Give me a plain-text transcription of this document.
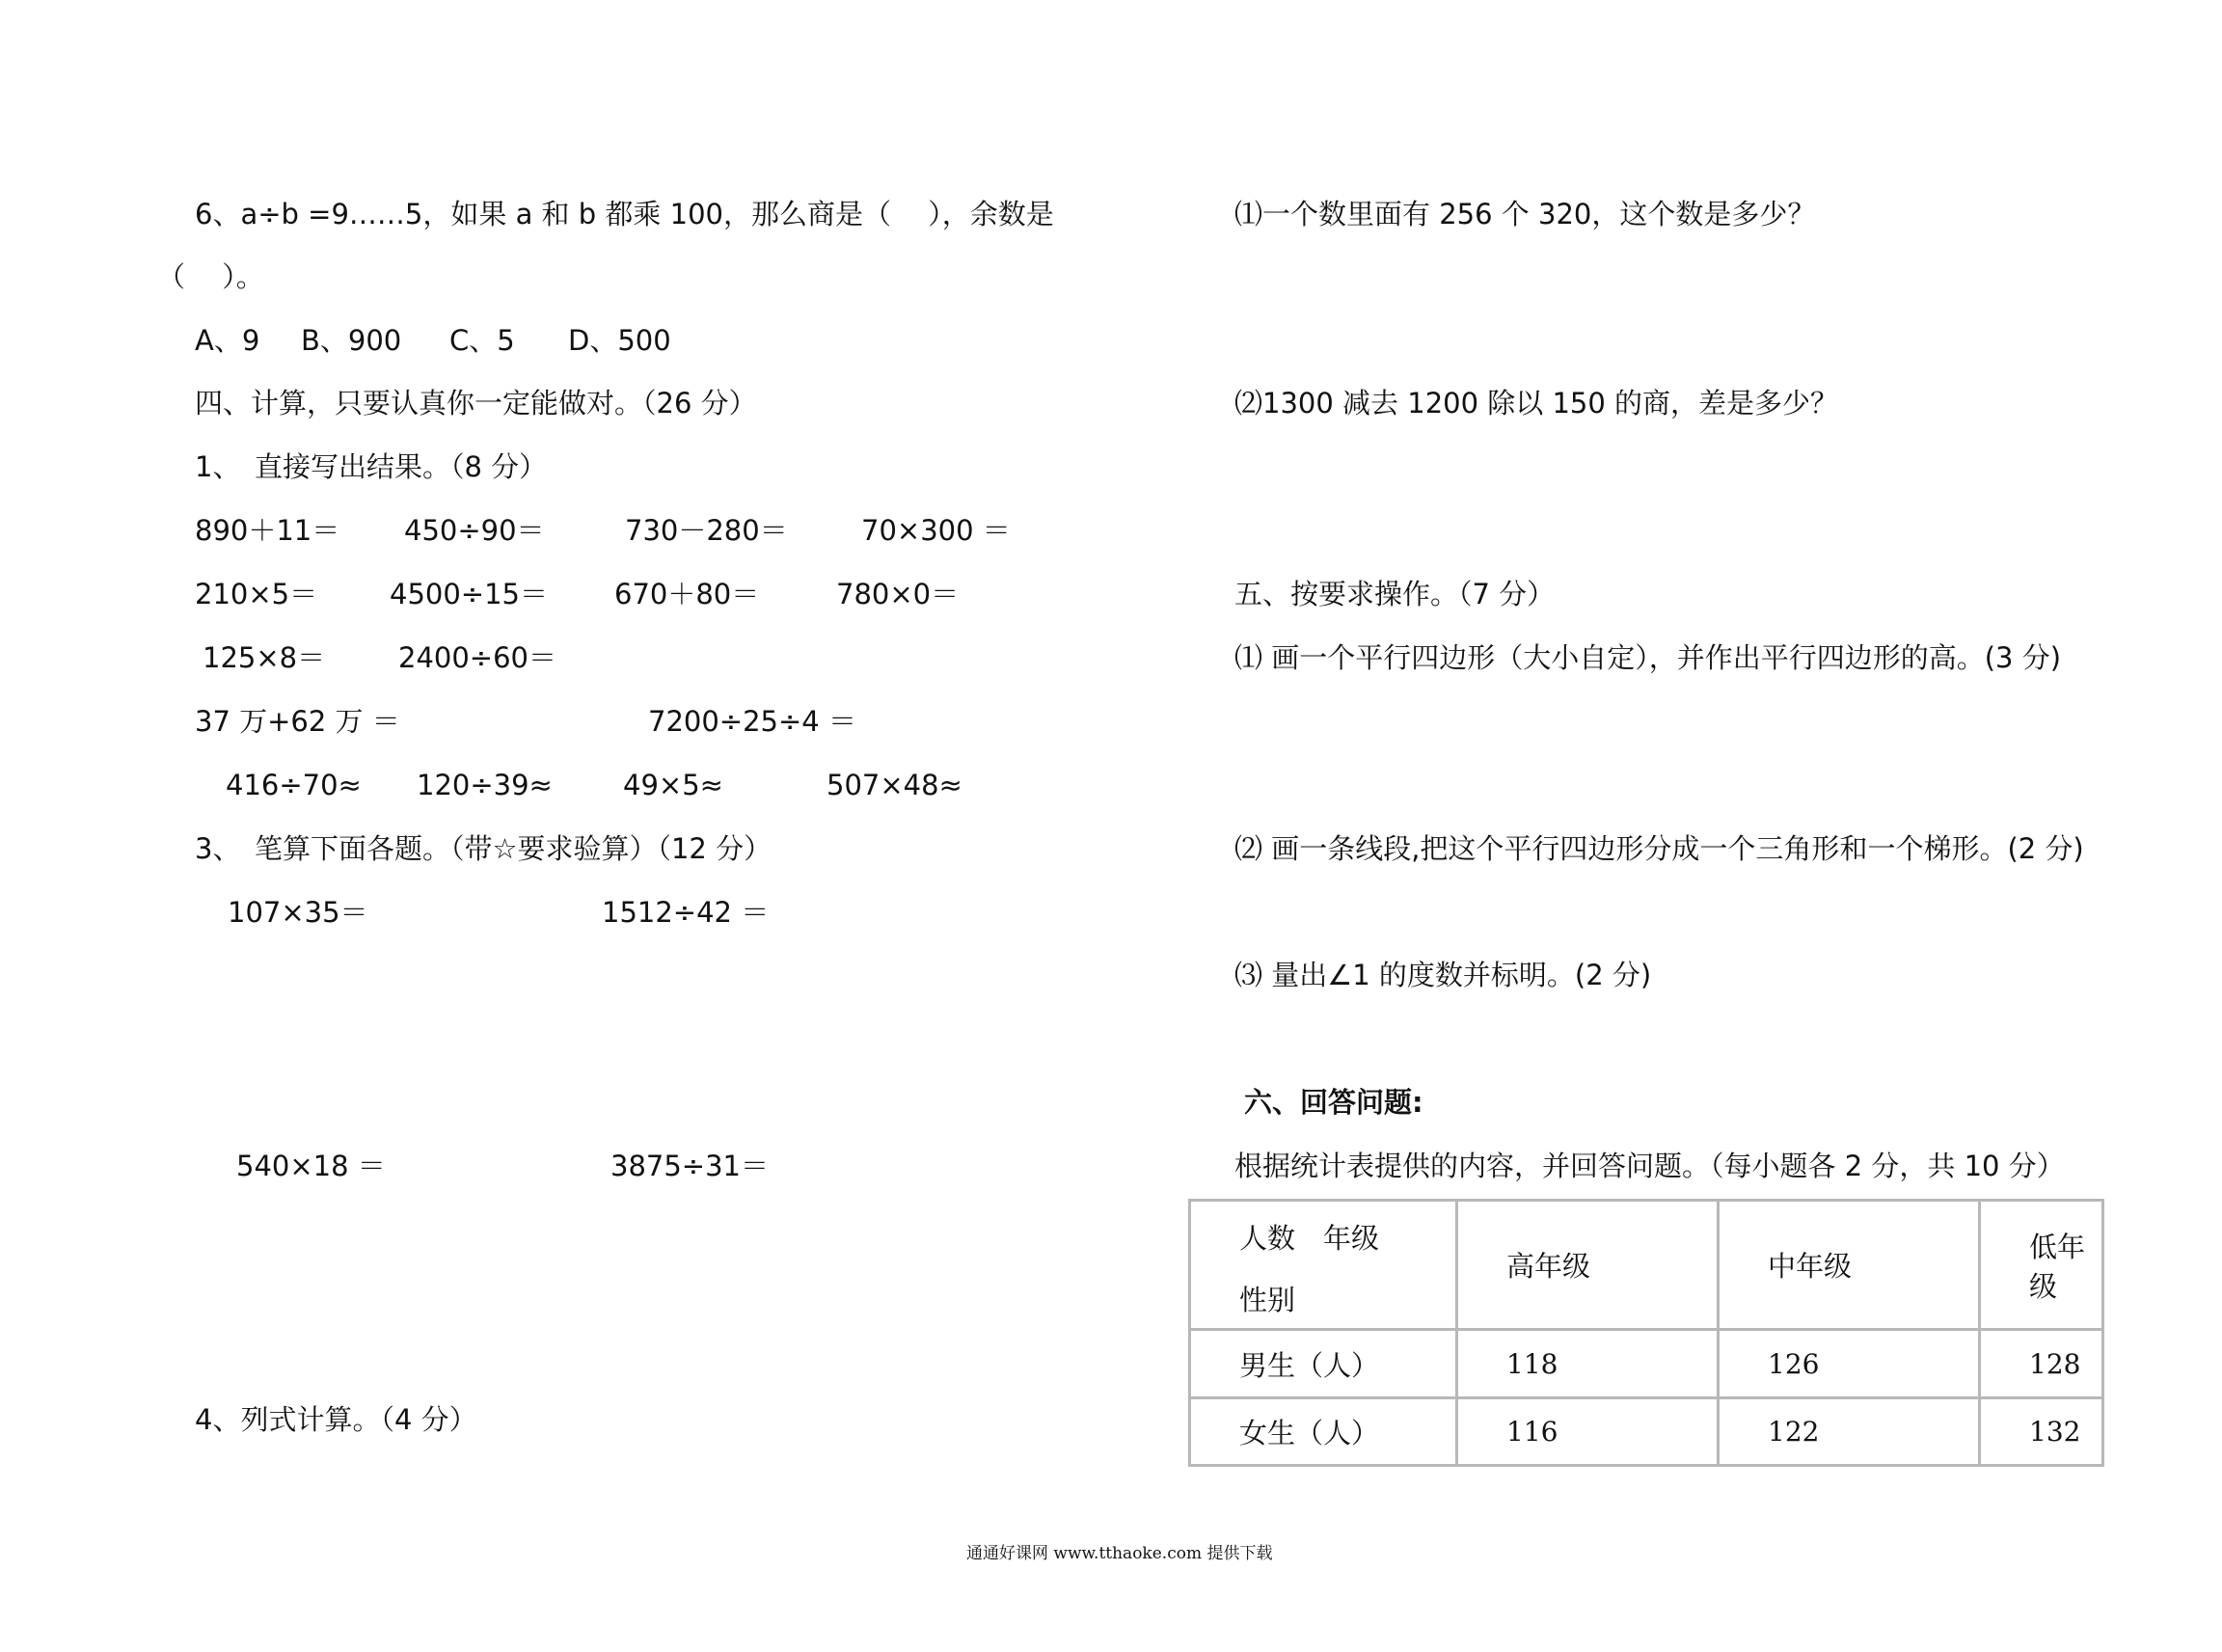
6、a÷b =9……5，如果 a 和 b 都乘 100，那么商是（　 ），余数是
（　 ）。
A、9 B、900 C、5 D、500
四、计算，只要认真你一定能做对。（26 分）
1、　直接写出结果。（8 分）
890＋11＝ 450÷90＝	730－280＝	70×300 ＝
210×5＝	4500÷15＝ 670＋80＝	780×0＝
125×8＝	2400÷60＝
37 万+62 万 ＝	7200÷25÷4 ＝
416÷70≈ 120÷39≈	49×5≈	507×48≈
3、　笔算下面各题。（带☆要求验算）（12 分）
107×35＝	1512÷42 ＝
540×18 ＝	3875÷31＝
4、列式计算。（4 分）
⑴一个数里面有 256 个 320，这个数是多少？
⑵1300 减去 1200 除以 150 的商，差是多少？
五、按要求操作。（7 分）
⑴ 画一个平行四边形（大小自定），并作出平行四边形的高。(3 分)
⑵ 画一条线段,把这个平行四边形分成一个三角形和一个梯形。(2 分)
⑶ 量出∠1 的度数并标明。(2 分)
六、回答问题:
根据统计表提供的内容，并回答问题。（每小题各 2 分，共 10 分）
人数　年级
性别	高年级	中年级	低年级
男生（人）	118	126	128
女生（人）	116	122	132
通通好课网 www.tthaoke.com 提供下载
